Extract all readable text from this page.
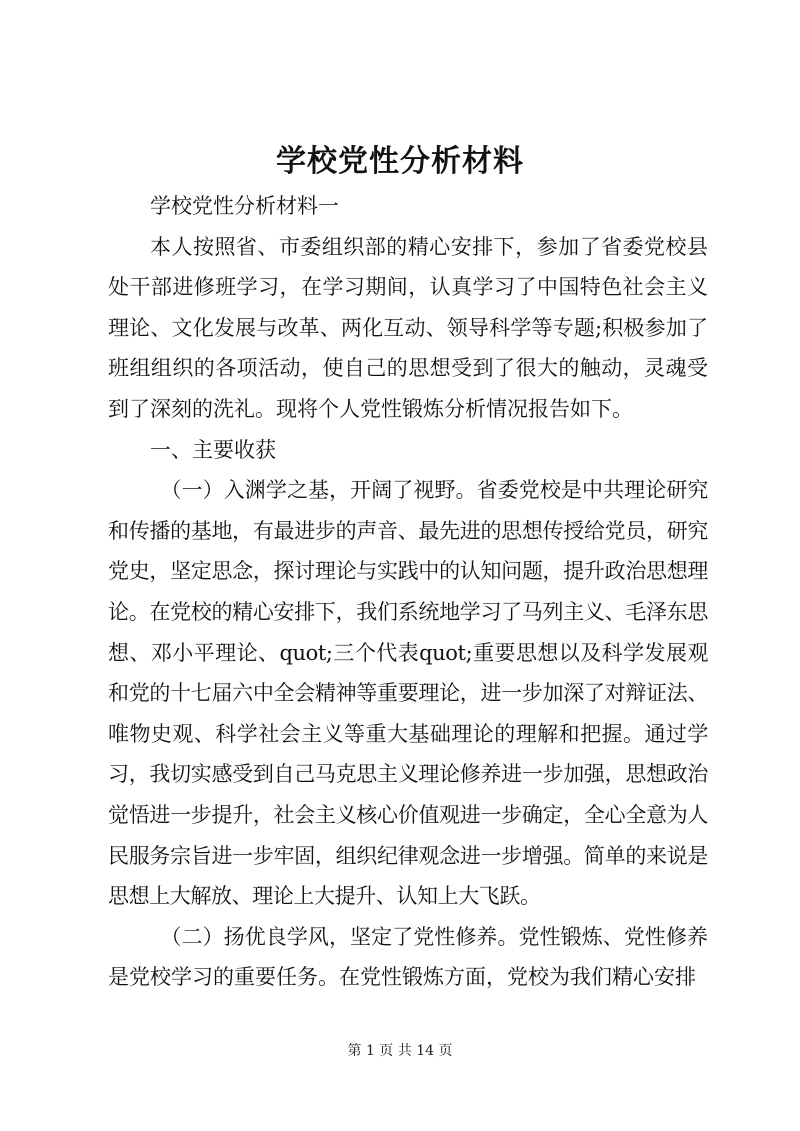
学校党性分析材料

学校党性分析材料一

本人按照省、市委组织部的精心安排下，参加了省委党校县处干部进修班学习，在学习期间，认真学习了中国特色社会主义理论、文化发展与改革、两化互动、领导科学等专题;积极参加了班组组织的各项活动，使自己的思想受到了很大的触动，灵魂受到了深刻的洗礼。现将个人党性锻炼分析情况报告如下。

一、主要收获

（一）入渊学之基，开阔了视野。省委党校是中共理论研究和传播的基地，有最进步的声音、最先进的思想传授给党员，研究党史，坚定思念，探讨理论与实践中的认知问题，提升政治思想理论。在党校的精心安排下，我们系统地学习了马列主义、毛泽东思想、邓小平理论、quot;三个代表quot;重要思想以及科学发展观和党的十七届六中全会精神等重要理论，进一步加深了对辩证法、唯物史观、科学社会主义等重大基础理论的理解和把握。通过学习，我切实感受到自己马克思主义理论修养进一步加强，思想政治觉悟进一步提升，社会主义核心价值观进一步确定，全心全意为人民服务宗旨进一步牢固，组织纪律观念进一步增强。简单的来说是思想上大解放、理论上大提升、认知上大飞跃。

（二）扬优良学风，坚定了党性修养。党性锻炼、党性修养是党校学习的重要任务。在党性锻炼方面，党校为我们精心安排

第 1 页 共 14 页
